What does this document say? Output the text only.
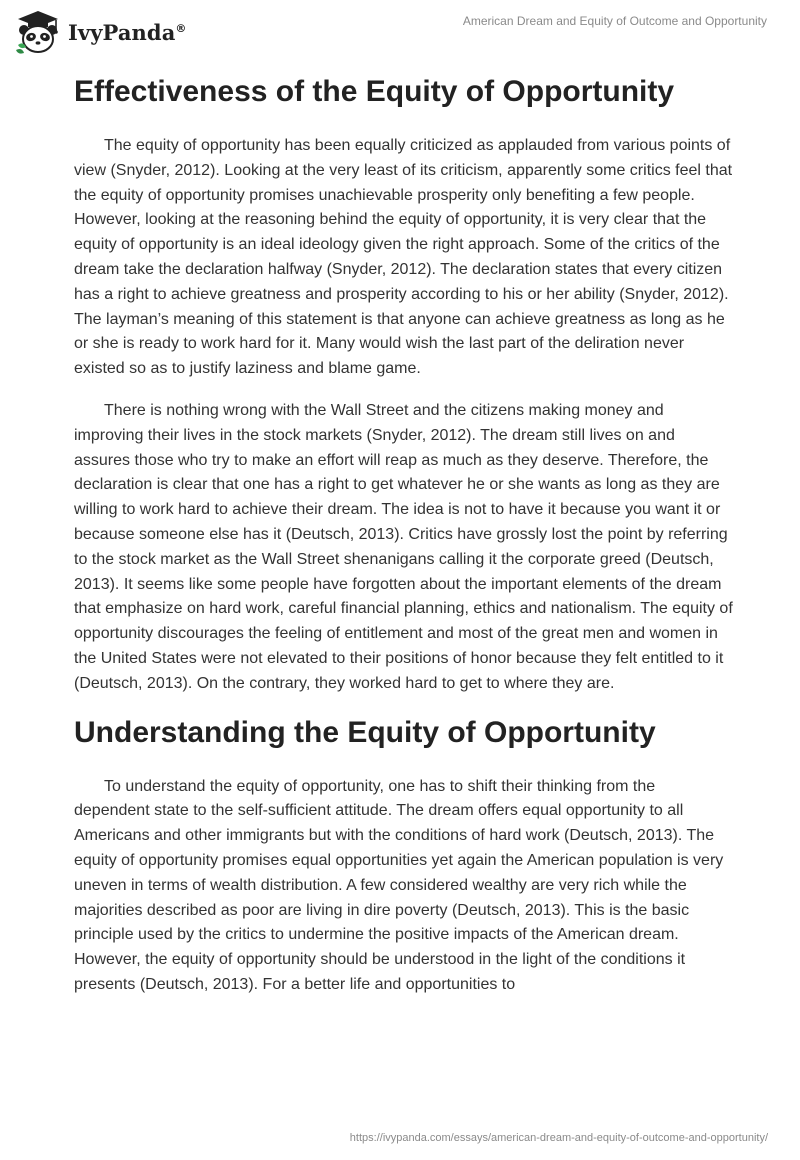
IvyPanda®	American Dream and Equity of Outcome and Opportunity
Effectiveness of the Equity of Opportunity

The equity of opportunity has been equally criticized as applauded from various points of view (Snyder, 2012). Looking at the very least of its criticism, apparently some critics feel that the equity of opportunity promises unachievable prosperity only benefiting a few people. However, looking at the reasoning behind the equity of opportunity, it is very clear that the equity of opportunity is an ideal ideology given the right approach. Some of the critics of the dream take the declaration halfway (Snyder, 2012). The declaration states that every citizen has a right to achieve greatness and prosperity according to his or her ability (Snyder, 2012). The layman’s meaning of this statement is that anyone can achieve greatness as long as he or she is ready to work hard for it. Many would wish the last part of the deliration never existed so as to justify laziness and blame game.

There is nothing wrong with the Wall Street and the citizens making money and improving their lives in the stock markets (Snyder, 2012). The dream still lives on and assures those who try to make an effort will reap as much as they deserve. Therefore, the declaration is clear that one has a right to get whatever he or she wants as long as they are willing to work hard to achieve their dream. The idea is not to have it because you want it or because someone else has it (Deutsch, 2013). Critics have grossly lost the point by referring to the stock market as the Wall Street shenanigans calling it the corporate greed (Deutsch, 2013). It seems like some people have forgotten about the important elements of the dream that emphasize on hard work, careful financial planning, ethics and nationalism. The equity of opportunity discourages the feeling of entitlement and most of the great men and women in the United States were not elevated to their positions of honor because they felt entitled to it (Deutsch, 2013). On the contrary, they worked hard to get to where they are.

Understanding the Equity of Opportunity

To understand the equity of opportunity, one has to shift their thinking from the dependent state to the self-sufficient attitude. The dream offers equal opportunity to all Americans and other immigrants but with the conditions of hard work (Deutsch, 2013). The equity of opportunity promises equal opportunities yet again the American population is very uneven in terms of wealth distribution. A few considered wealthy are very rich while the majorities described as poor are living in dire poverty (Deutsch, 2013). This is the basic principle used by the critics to undermine the positive impacts of the American dream. However, the equity of opportunity should be understood in the light of the conditions it presents (Deutsch, 2013). For a better life and opportunities to

https://ivypanda.com/essays/american-dream-and-equity-of-outcome-and-opportunity/
